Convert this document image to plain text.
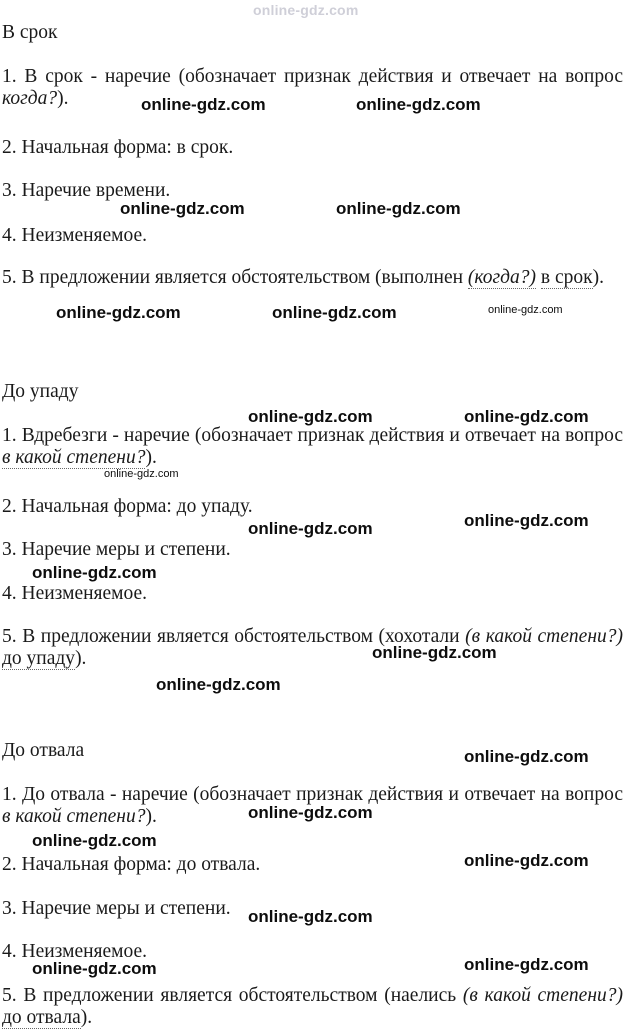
online-gdz.com
В срок
1. В срок - наречие (обозначает признак действия и отвечает на вопрос когда?).
2. Начальная форма: в срок.
3. Наречие времени.
4. Неизменяемое.
5. В предложении является обстоятельством (выполнен (когда?) в срок).
До упаду
1. Вдребезги - наречие (обозначает признак действия и отвечает на вопрос в какой степени?).
2. Начальная форма: до упаду.
3. Наречие меры и степени.
4. Неизменяемое.
5. В предложении является обстоятельством (хохотали (в какой степени?) до упаду).
До отвала
1. До отвала - наречие (обозначает признак действия и отвечает на вопрос в какой степени?).
2. Начальная форма: до отвала.
3. Наречие меры и степени.
4. Неизменяемое.
5. В предложении является обстоятельством (наелись (в какой степени?) до отвала).
online-gdz.com	online-gdz.com
online-gdz.com	online-gdz.com
online-gdz.com	online-gdz.com	online-gdz.com
online-gdz.com	online-gdz.com
online-gdz.com
online-gdz.com	online-gdz.com
online-gdz.com
online-gdz.com
online-gdz.com
online-gdz.com
online-gdz.com
online-gdz.com
online-gdz.com
online-gdz.com
online-gdz.com	online-gdz.com
